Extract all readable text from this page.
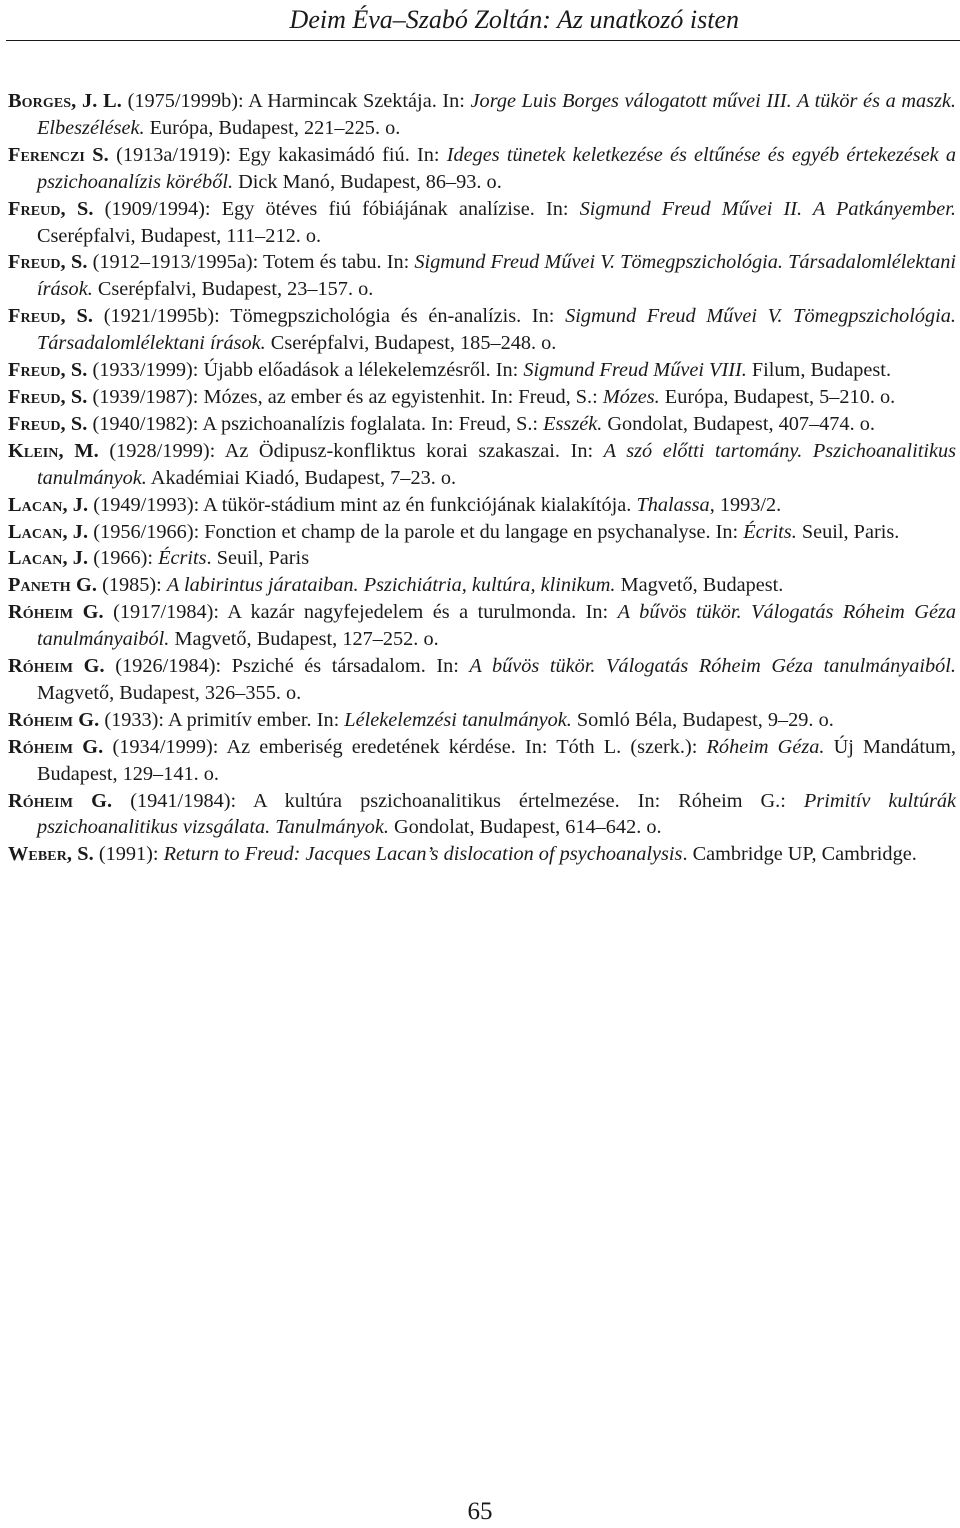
Deim Éva–Szabó Zoltán: Az unatkozó isten
Borges, J. L. (1975/1999b): A Harmincak Szektája. In: Jorge Luis Borges válogatott művei III. A tükör és a maszk. Elbeszélések. Európa, Budapest, 221–225. o.
Ferenczi S. (1913a/1919): Egy kakasimádó fiú. In: Ideges tünetek keletkezése és eltűnése és egyéb értekezések a pszichoanalízis köréből. Dick Manó, Budapest, 86–93. o.
Freud, S. (1909/1994): Egy ötéves fiú fóbiájának analízise. In: Sigmund Freud Művei II. A Patkányember. Cserépfalvi, Budapest, 111–212. o.
Freud, S. (1912–1913/1995a): Totem és tabu. In: Sigmund Freud Művei V. Tömegpszichológia. Társadalomlélektani írások. Cserépfalvi, Budapest, 23–157. o.
Freud, S. (1921/1995b): Tömegpszichológia és én-analízis. In: Sigmund Freud Művei V. Tömegpszichológia. Társadalomlélektani írások. Cserépfalvi, Budapest, 185–248. o.
Freud, S. (1933/1999): Újabb előadások a lélekelemzésről. In: Sigmund Freud Művei VIII. Filum, Budapest.
Freud, S. (1939/1987): Mózes, az ember és az egyistenhit. In: Freud, S.: Mózes. Európa, Budapest, 5–210. o.
Freud, S. (1940/1982): A pszichoanalízis foglalata. In: Freud, S.: Esszék. Gondolat, Budapest, 407–474. o.
Klein, M. (1928/1999): Az Ödipusz-konfliktus korai szakaszai. In: A szó előtti tartomány. Pszichoanalitikus tanulmányok. Akadémiai Kiadó, Budapest, 7–23. o.
Lacan, J. (1949/1993): A tükör-stádium mint az én funkciójának kialakítója. Thalassa, 1993/2.
Lacan, J. (1956/1966): Fonction et champ de la parole et du langage en psychanalyse. In: Écrits. Seuil, Paris.
Lacan, J. (1966): Écrits. Seuil, Paris
Paneth G. (1985): A labirintus járataiban. Pszichiátria, kultúra, klinikum. Magvető, Budapest.
Róheim G. (1917/1984): A kazár nagyfejedelem és a turulmonda. In: A bűvös tükör. Válogatás Róheim Géza tanulmányaiból. Magvető, Budapest, 127–252. o.
Róheim G. (1926/1984): Psziché és társadalom. In: A bűvös tükör. Válogatás Róheim Géza tanulmányaiból. Magvető, Budapest, 326–355. o.
Róheim G. (1933): A primitív ember. In: Lélekelemzési tanulmányok. Somló Béla, Budapest, 9–29. o.
Róheim G. (1934/1999): Az emberiség eredetének kérdése. In: Tóth L. (szerk.): Róheim Géza. Új Mandátum, Budapest, 129–141. o.
Róheim G. (1941/1984): A kultúra pszichoanalitikus értelmezése. In: Róheim G.: Primitív kultúrák pszichoanalitikus vizsgálata. Tanulmányok. Gondolat, Budapest, 614–642. o.
Weber, S. (1991): Return to Freud: Jacques Lacan’s dislocation of psychoanalysis. Cambridge UP, Cambridge.
65
